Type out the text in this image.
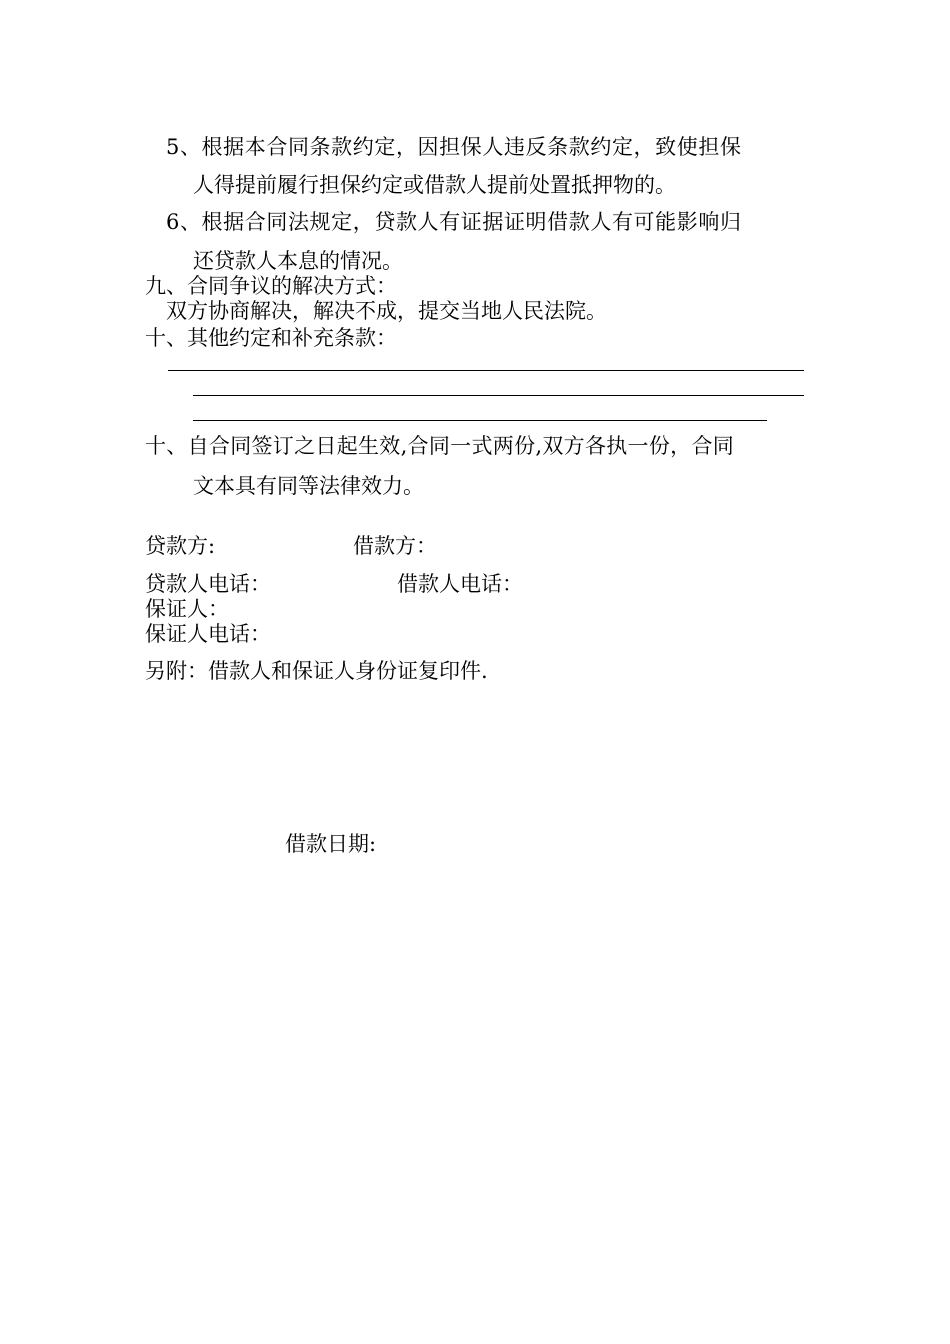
5、根据本合同条款约定，因担保人违反条款约定，致使担保
人得提前履行担保约定或借款人提前处置抵押物的。
6、根据合同法规定，贷款人有证据证明借款人有可能影响归
还贷款人本息的情况。
九、合同争议的解决方式：
双方协商解决，解决不成，提交当地人民法院。
十、其他约定和补充条款：
十、自合同签订之日起生效,合同一式两份,双方各执一份，合同
文本具有同等法律效力。
贷款方:	借款方：
贷款人电话：	借款人电话：
保证人：
保证人电话：
另附：借款人和保证人身份证复印件.
借款日期:
